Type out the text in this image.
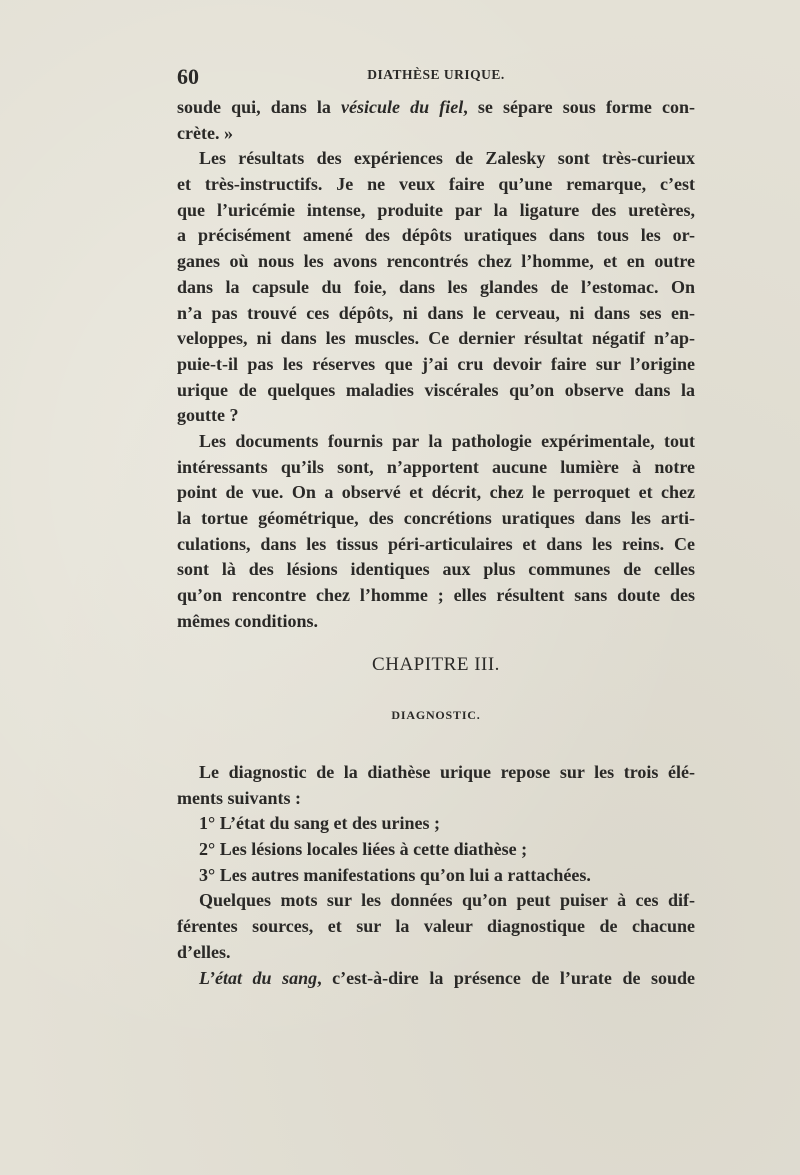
60	DIATHÈSE URIQUE.
soude qui, dans la vésicule du fiel, se sépare sous forme con-
crète. »
Les résultats des expériences de Zalesky sont très-curieux
et très-instructifs. Je ne veux faire qu’une remarque, c’est
que l’uricémie intense, produite par la ligature des uretères,
a précisément amené des dépôts uratiques dans tous les or-
ganes où nous les avons rencontrés chez l’homme, et en outre
dans la capsule du foie, dans les glandes de l’estomac. On
n’a pas trouvé ces dépôts, ni dans le cerveau, ni dans ses en-
veloppes, ni dans les muscles. Ce dernier résultat négatif n’ap-
puie-t-il pas les réserves que j’ai cru devoir faire sur l’origine
urique de quelques maladies viscérales qu’on observe dans la
goutte ?
Les documents fournis par la pathologie expérimentale, tout
intéressants qu’ils sont, n’apportent aucune lumière à notre
point de vue. On a observé et décrit, chez le perroquet et chez
la tortue géométrique, des concrétions uratiques dans les arti-
culations, dans les tissus péri-articulaires et dans les reins. Ce
sont là des lésions identiques aux plus communes de celles
qu’on rencontre chez l’homme ; elles résultent sans doute des
mêmes conditions.
CHAPITRE III.
DIAGNOSTIC.
Le diagnostic de la diathèse urique repose sur les trois élé-
ments suivants :
1° L’état du sang et des urines ;
2° Les lésions locales liées à cette diathèse ;
3° Les autres manifestations qu’on lui a rattachées.
Quelques mots sur les données qu’on peut puiser à ces dif-
férentes sources, et sur la valeur diagnostique de chacune
d’elles.
L’état du sang, c’est-à-dire la présence de l’urate de soude
